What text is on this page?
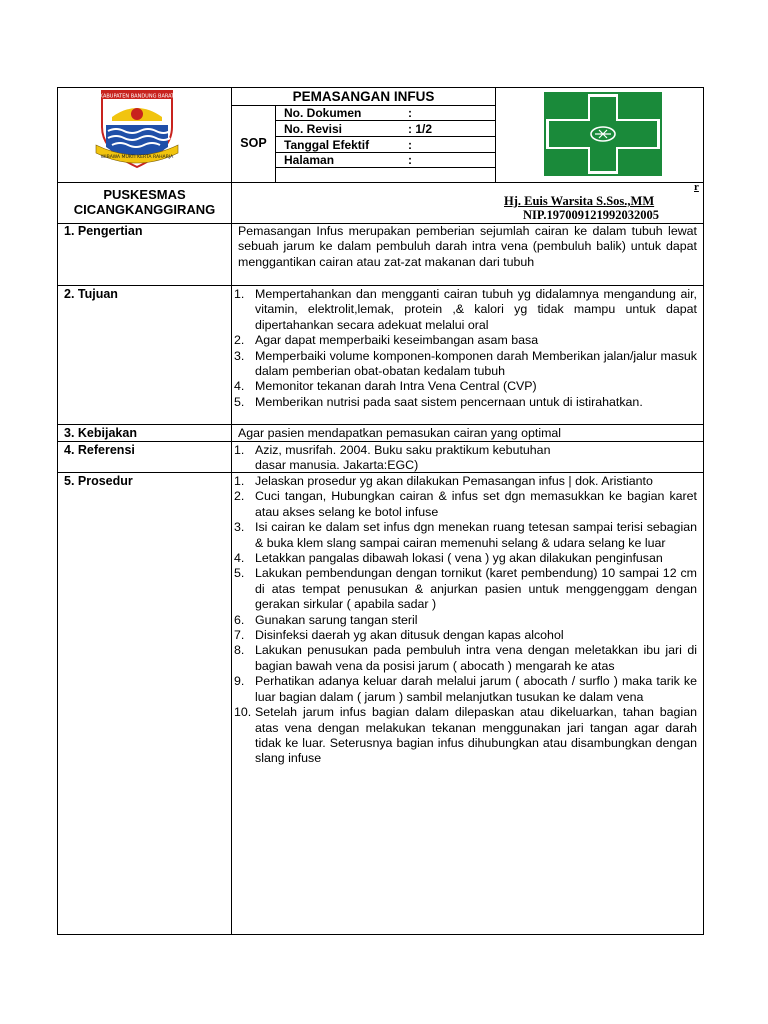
KABUPATEN BANDUNG BARAT
WIBAWA MUKTI KERTA RAHARJA
PEMASANGAN INFUS
SOP
No. Dokumen	:
No. Revisi	: 1/2
Tanggal Efektif	:
Halaman	:
PUSKESMAS
CICANGKANGGIRANG
r
Hj. Euis Warsita S.Sos.,MM
NIP.197009121992032005
1. Pengertian	Pemasangan Infus merupakan pemberian sejumlah cairan ke dalam tubuh lewat sebuah jarum ke dalam pembuluh darah intra vena (pembuluh balik) untuk dapat menggantikan cairan atau zat-zat makanan dari tubuh
2. Tujuan	1. Mempertahankan dan mengganti cairan tubuh yg didalamnya mengandung air, vitamin, elektrolit,lemak, protein ,& kalori yg tidak mampu untuk dapat dipertahankan secara adekuat melalui oral
2. Agar dapat memperbaiki keseimbangan asam basa
3. Memperbaiki volume komponen-komponen darah Memberikan jalan/jalur masuk dalam pemberian obat-obatan kedalam tubuh
4. Memonitor tekanan darah Intra Vena Central (CVP)
5. Memberikan nutrisi pada saat sistem pencernaan untuk di istirahatkan.
3. Kebijakan	Agar pasien mendapatkan pemasukan cairan yang optimal
4. Referensi	1. Aziz, musrifah. 2004. Buku saku praktikum kebutuhan dasar manusia. Jakarta:EGC)
5. Prosedur	1. Jelaskan prosedur yg akan dilakukan Pemasangan infus | dok. Aristianto
2. Cuci tangan, Hubungkan cairan & infus set dgn memasukkan ke bagian karet atau akses selang ke botol infuse
3. Isi cairan ke dalam set infus dgn menekan ruang tetesan sampai terisi sebagian & buka klem slang sampai cairan memenuhi selang & udara selang ke luar
4. Letakkan pangalas dibawah lokasi ( vena ) yg akan dilakukan penginfusan
5. Lakukan pembendungan dengan tornikut (karet pembendung) 10 sampai 12 cm di atas tempat penusukan & anjurkan pasien untuk menggenggam dengan gerakan sirkular ( apabila sadar )
6. Gunakan sarung tangan steril
7. Disinfeksi daerah yg akan ditusuk dengan kapas alcohol
8. Lakukan penusukan pada pembuluh intra vena dengan meletakkan ibu jari di bagian bawah vena da posisi jarum ( abocath ) mengarah ke atas
9. Perhatikan adanya keluar darah melalui jarum ( abocath / surflo ) maka tarik ke luar bagian dalam ( jarum ) sambil melanjutkan tusukan ke dalam vena
10. Setelah jarum infus bagian dalam dilepaskan atau dikeluarkan, tahan bagian atas vena dengan melakukan tekanan menggunakan jari tangan agar darah tidak ke luar. Seterusnya bagian infus dihubungkan atau disambungkan dengan slang infuse
